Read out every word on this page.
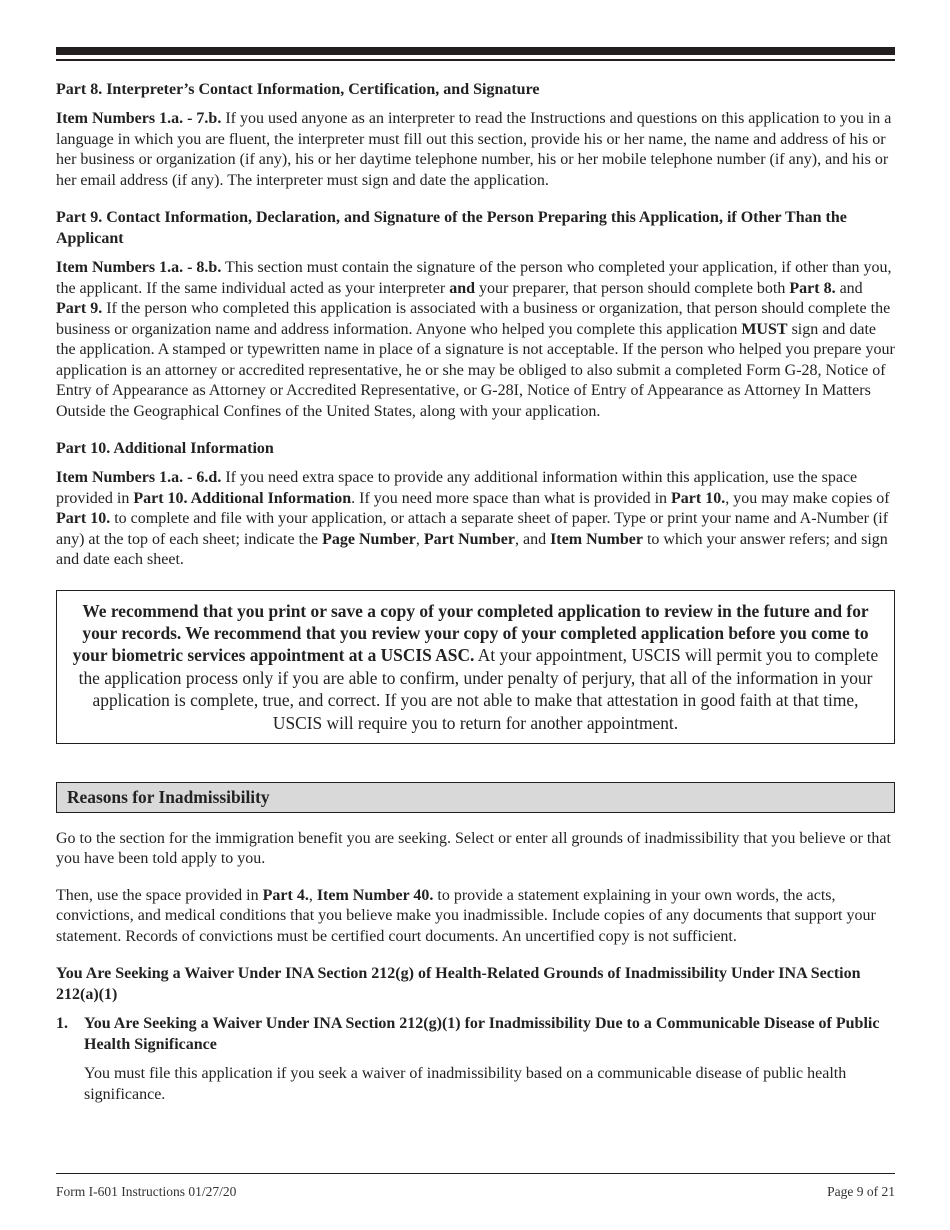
Part 8. Interpreter’s Contact Information, Certification, and Signature
Item Numbers 1.a. - 7.b. If you used anyone as an interpreter to read the Instructions and questions on this application to you in a language in which you are fluent, the interpreter must fill out this section, provide his or her name, the name and address of his or her business or organization (if any), his or her daytime telephone number, his or her mobile telephone number (if any), and his or her email address (if any). The interpreter must sign and date the application.
Part 9. Contact Information, Declaration, and Signature of the Person Preparing this Application, if Other Than the Applicant
Item Numbers 1.a. - 8.b. This section must contain the signature of the person who completed your application, if other than you, the applicant. If the same individual acted as your interpreter and your preparer, that person should complete both Part 8. and Part 9. If the person who completed this application is associated with a business or organization, that person should complete the business or organization name and address information. Anyone who helped you complete this application MUST sign and date the application. A stamped or typewritten name in place of a signature is not acceptable. If the person who helped you prepare your application is an attorney or accredited representative, he or she may be obliged to also submit a completed Form G-28, Notice of Entry of Appearance as Attorney or Accredited Representative, or G-28I, Notice of Entry of Appearance as Attorney In Matters Outside the Geographical Confines of the United States, along with your application.
Part 10. Additional Information
Item Numbers 1.a. - 6.d. If you need extra space to provide any additional information within this application, use the space provided in Part 10. Additional Information. If you need more space than what is provided in Part 10., you may make copies of Part 10. to complete and file with your application, or attach a separate sheet of paper. Type or print your name and A-Number (if any) at the top of each sheet; indicate the Page Number, Part Number, and Item Number to which your answer refers; and sign and date each sheet.
We recommend that you print or save a copy of your completed application to review in the future and for your records. We recommend that you review your copy of your completed application before you come to your biometric services appointment at a USCIS ASC. At your appointment, USCIS will permit you to complete the application process only if you are able to confirm, under penalty of perjury, that all of the information in your application is complete, true, and correct. If you are not able to make that attestation in good faith at that time, USCIS will require you to return for another appointment.
Reasons for Inadmissibility
Go to the section for the immigration benefit you are seeking. Select or enter all grounds of inadmissibility that you believe or that you have been told apply to you.
Then, use the space provided in Part 4., Item Number 40. to provide a statement explaining in your own words, the acts, convictions, and medical conditions that you believe make you inadmissible. Include copies of any documents that support your statement. Records of convictions must be certified court documents. An uncertified copy is not sufficient.
You Are Seeking a Waiver Under INA Section 212(g) of Health-Related Grounds of Inadmissibility Under INA Section 212(a)(1)
1.	You Are Seeking a Waiver Under INA Section 212(g)(1) for Inadmissibility Due to a Communicable Disease of Public Health Significance
You must file this application if you seek a waiver of inadmissibility based on a communicable disease of public health significance.
Form I-601 Instructions 01/27/20	Page 9 of 21
